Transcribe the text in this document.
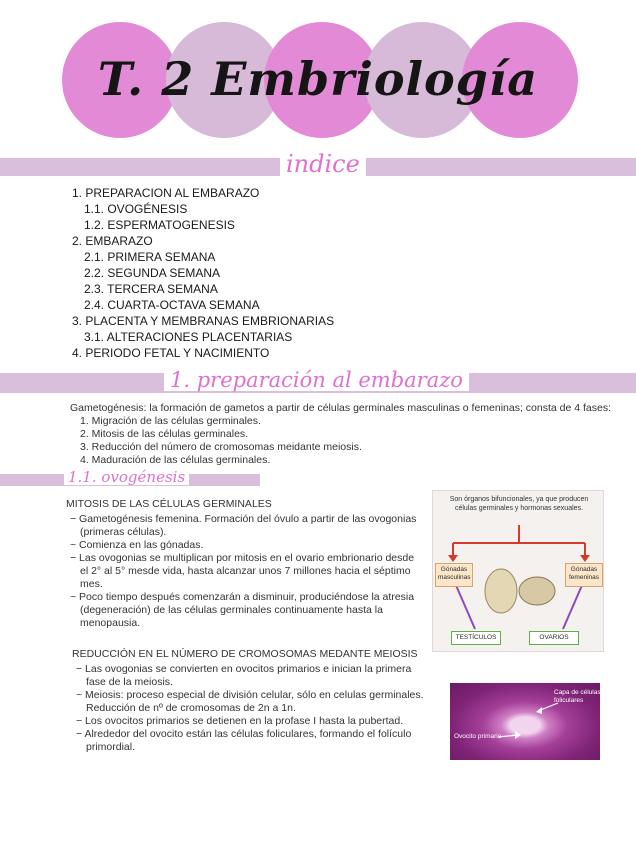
T. 2 Embriología
indice
1. PREPARACION AL EMBARAZO
1.1. OVOGÉNESIS
1.2. ESPERMATOGENESIS
2. EMBARAZO
2.1. PRIMERA SEMANA
2.2. SEGUNDA SEMANA
2.3. TERCERA SEMANA
2.4. CUARTA-OCTAVA SEMANA
3. PLACENTA Y MEMBRANAS EMBRIONARIAS
3.1. ALTERACIONES PLACENTARIAS
4. PERIODO FETAL Y NACIMIENTO
1. preparación al embarazo

Gametogénesis: la formación de gametos a partir de células germinales masculinas o femeninas; consta de 4 fases:

1. Migración de las células germinales.
2. Mitosis de las células germinales.
3. Reducción del número de cromosomas meidante meiosis.
4. Maduración de las células germinales.
1.1. ovogénesis
MITOSIS DE LAS CÉLULAS GERMINALES
− Gametogénesis femenina. Formación del óvulo a partir de las ovogonias (primeras células).
~ Comienza en las gónadas.
− Las ovogonias se multiplican por mitosis en el ovario embrionario desde el 2° al 5° mesde vida, hasta alcanzar unos 7 millones hacia el séptimo mes.
~ Poco tiempo después comenzarán a disminuir, produciéndose la atresia (degeneración) de las células germinales continuamente hasta la menopausia.
REDUCCIÓN EN EL NÚMERO DE CROMOSOMAS MEDANTE MEIOSIS
− Las ovogonias se convierten en ovocitos primarios e inician la primera fase de la meiosis.
~ Meiosis: proceso especial de división celular, sólo en celulas germinales. Reducción de nº de cromosomas de 2n a 1n.
− Los ovocitos primarios se detienen en la profase I hasta la pubertad.
− Alrededor del ovocito están las células foliculares, formando el folículo primordial.
Son órganos bifuncionales, ya que producen células germinales y hormonas sexuales.
Gónadas masculinas
Gónadas femeninas
TESTÍCULOS	OVARIOS
Capa de células foliculares
Ovocito primario
